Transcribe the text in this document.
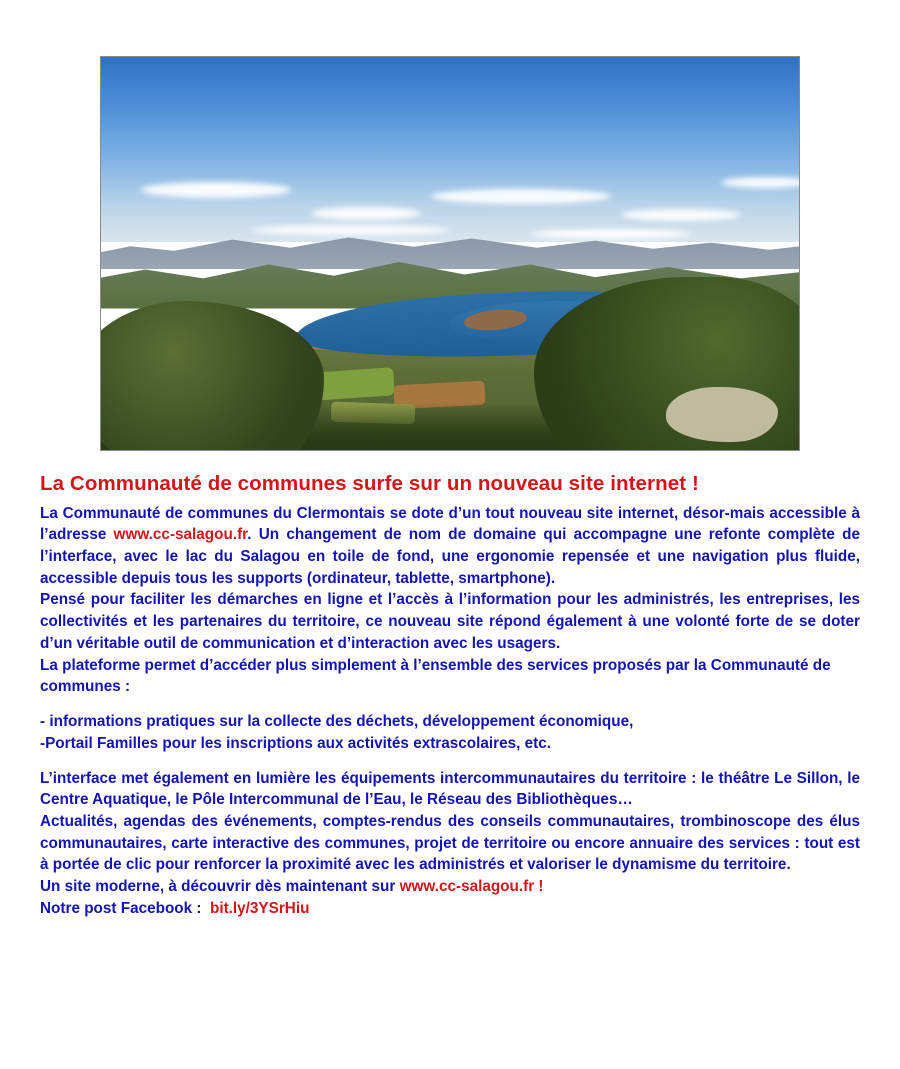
La Communauté de communes surfe sur un nouveau site internet !

La Communauté de communes du Clermontais se dote d’un tout nouveau site internet, désor-mais accessible à l’adresse www.cc-salagou.fr. Un changement de nom de domaine qui accompagne une refonte complète de l’interface, avec le lac du Salagou en toile de fond, une ergonomie repensée et une navigation plus fluide, accessible depuis tous les supports (ordinateur, tablette, smartphone).

Pensé pour faciliter les démarches en ligne et l’accès à l’information pour les administrés, les entreprises, les collectivités et les partenaires du territoire, ce nouveau site répond également à une volonté forte de se doter d’un véritable outil de communication et d’interaction avec les usagers.

La plateforme permet d’accéder plus simplement à l’ensemble des services proposés par la Communauté de communes :

- informations pratiques sur la collecte des déchets, développement économique,

-Portail Familles pour les inscriptions aux activités extrascolaires, etc.

L’interface met également en lumière les équipements intercommunautaires du territoire : le théâtre Le Sillon, le Centre Aquatique, le Pôle Intercommunal de l’Eau, le Réseau des Bibliothèques…

Actualités, agendas des événements, comptes-rendus des conseils communautaires, trombinoscope des élus communautaires, carte interactive des communes, projet de territoire ou encore annuaire des services : tout est à portée de clic pour renforcer la proximité avec les administrés et valoriser le dynamisme du territoire.

Un site moderne, à découvrir dès maintenant sur www.cc-salagou.fr !

Notre post Facebook : bit.ly/3YSrHiu
